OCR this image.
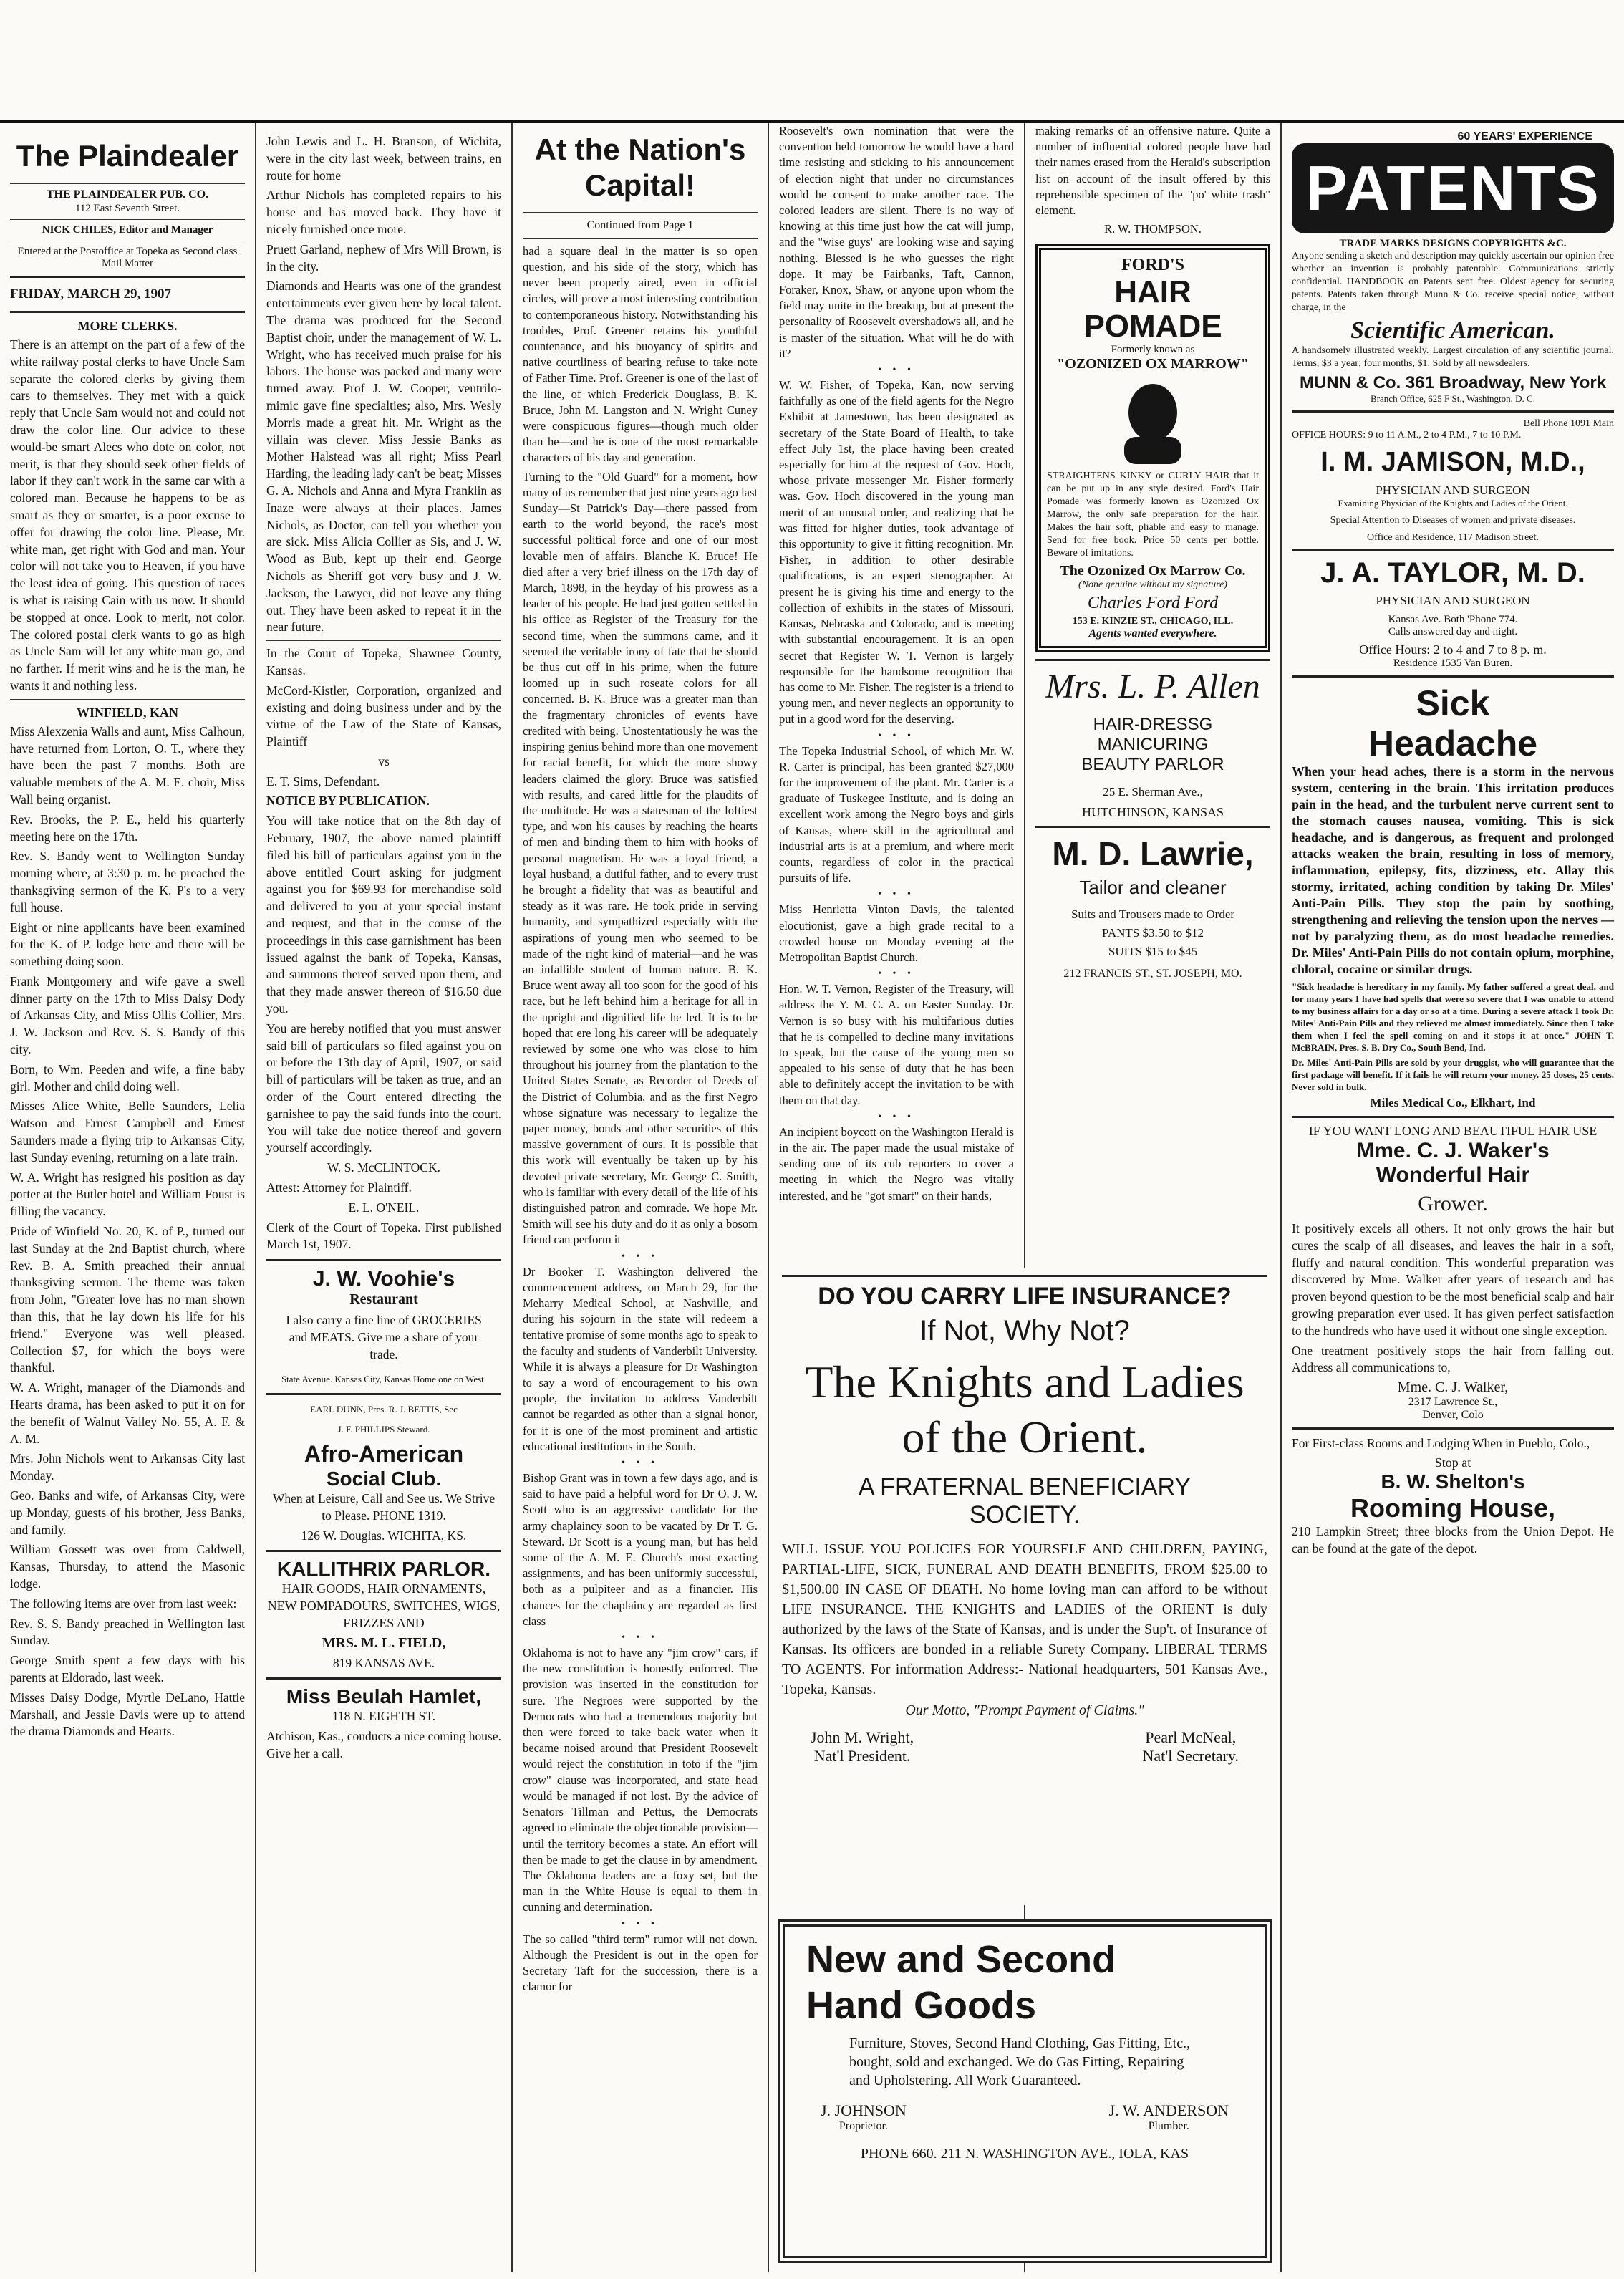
The Plaindealer
THE PLAINDEALER PUB. CO.
112 East Seventh Street.
NICK CHILES, Editor and Manager
Entered at the Postoffice at Topeka as Second class Mail Matter
FRIDAY, MARCH 29, 1907
MORE CLERKS.

There is an attempt on the part of a few of the white railway postal clerks to have Uncle Sam separate the colored clerks by giving them cars to themselves. They met with a quick reply that Uncle Sam would not and could not draw the color line. Our advice to these would-be smart Alecs who dote on color, not merit, is that they should seek other fields of labor if they can't work in the same car with a colored man. Because he happens to be as smart as they or smarter, is a poor excuse to offer for drawing the color line. Please, Mr. white man, get right with God and man. Your color will not take you to Heaven, if you have the least idea of going. This question of races is what is raising Cain with us now. It should be stopped at once. Look to merit, not color. The colored postal clerk wants to go as high as Uncle Sam will let any white man go, and no farther. If merit wins and he is the man, he wants it and nothing less.

WINFIELD, KAN

Miss Alexzenia Walls and aunt, Miss Calhoun, have returned from Lorton, O. T., where they have been the past 7 months. Both are valuable members of the A. M. E. choir, Miss Wall being organist.

Rev. Brooks, the P. E., held his quarterly meeting here on the 17th.

Rev. S. Bandy went to Wellington Sunday morning where, at 3:30 p. m. he preached the thanksgiving sermon of the K. P's to a very full house.

Eight or nine applicants have been examined for the K. of P. lodge here and there will be something doing soon.

Frank Montgomery and wife gave a swell dinner party on the 17th to Miss Daisy Dody of Arkansas City, and Miss Ollis Collier, Mrs. J. W. Jackson and Rev. S. S. Bandy of this city.

Born, to Wm. Peeden and wife, a fine baby girl. Mother and child doing well.

Misses Alice White, Belle Saunders, Lelia Watson and Ernest Campbell and Ernest Saunders made a flying trip to Arkansas City, last Sunday evening, returning on a late train.

W. A. Wright has resigned his position as day porter at the Butler hotel and William Foust is filling the vacancy.

Pride of Winfield No. 20, K. of P., turned out last Sunday at the 2nd Baptist church, where Rev. B. A. Smith preached their annual thanksgiving sermon. The theme was taken from John, "Greater love has no man shown than this, that he lay down his life for his friend." Everyone was well pleased. Collection $7, for which the boys were thankful.

W. A. Wright, manager of the Diamonds and Hearts drama, has been asked to put it on for the benefit of Walnut Valley No. 55, A. F. & A. M.

Mrs. John Nichols went to Arkansas City last Monday.

Geo. Banks and wife, of Arkansas City, were up Monday, guests of his brother, Jess Banks, and family.

William Gossett was over from Caldwell, Kansas, Thursday, to attend the Masonic lodge.

The following items are over from last week:

Rev. S. S. Bandy preached in Wellington last Sunday.

George Smith spent a few days with his parents at Eldorado, last week.

Misses Daisy Dodge, Myrtle DeLano, Hattie Marshall, and Jessie Davis were up to attend the drama Diamonds and Hearts.

John Lewis and L. H. Branson, of Wichita, were in the city last week, between trains, en route for home

Arthur Nichols has completed repairs to his house and has moved back. They have it nicely furnished once more.

Pruett Garland, nephew of Mrs Will Brown, is in the city.

Diamonds and Hearts was one of the grandest entertainments ever given here by local talent. The drama was produced for the Second Baptist choir, under the management of W. L. Wright, who has received much praise for his labors. The house was packed and many were turned away. Prof J. W. Cooper, ventrilo-mimic gave fine specialties; also, Mrs. Wesly Morris made a great hit. Mr. Wright as the villain was clever. Miss Jessie Banks as Mother Halstead was all right; Miss Pearl Harding, the leading lady can't be beat; Misses G. A. Nichols and Anna and Myra Franklin as Inaze were always at their places. James Nichols, as Doctor, can tell you whether you are sick. Miss Alicia Collier as Sis, and J. W. Wood as Bub, kept up their end. George Nichols as Sheriff got very busy and J. W. Jackson, the Lawyer, did not leave any thing out. They have been asked to repeat it in the near future.

In the Court of Topeka, Shawnee County, Kansas.

McCord-Kistler, Corporation, organized and existing and doing business under and by the virtue of the Law of the State of Kansas, Plaintiff

vs

E. T. Sims, Defendant.

NOTICE BY PUBLICATION.

You will take notice that on the 8th day of February, 1907, the above named plaintiff filed his bill of particulars against you in the above entitled Court asking for judgment against you for $69.93 for merchandise sold and delivered to you at your special instant and request, and that in the course of the proceedings in this case garnishment has been issued against the bank of Topeka, Kansas, and summons thereof served upon them, and that they made answer thereon of $16.50 due you.

You are hereby notified that you must answer said bill of particulars so filed against you on or before the 13th day of April, 1907, or said bill of particulars will be taken as true, and an order of the Court entered directing the garnishee to pay the said funds into the court. You will take due notice thereof and govern yourself accordingly.

W. S. McCLINTOCK.

Attest: Attorney for Plaintiff.

E. L. O'NEIL.

Clerk of the Court of Topeka. First published March 1st, 1907.

J. W. Voohie's
Restaurant

I also carry a fine line of GROCERIES and MEATS. Give me a share of your trade.

State Avenue. Kansas City, Kansas Home one on West.

EARL DUNN, Pres. R. J. BETTIS, Sec

J. F. PHILLIPS Steward.

Afro-American
Social Club.

When at Leisure, Call and See us. We Strive to Please. PHONE 1319.

126 W. Douglas. WICHITA, KS.

KALLITHRIX PARLOR.

HAIR GOODS, HAIR ORNAMENTS, NEW POMPADOURS, SWITCHES, WIGS, FRIZZES AND

MRS. M. L. FIELD,

819 KANSAS AVE.

Miss Beulah Hamlet,

118 N. EIGHTH ST.

Atchison, Kas., conducts a nice coming house. Give her a call.

At the Nation's Capital!

Continued from Page 1

had a square deal in the matter is so open question, and his side of the story, which has never been properly aired, even in official circles, will prove a most interesting contribution to contemporaneous history. Notwithstanding his troubles, Prof. Greener retains his youthful countenance, and his buoyancy of spirits and native courtliness of bearing refuse to take note of Father Time. Prof. Greener is one of the last of the line, of which Frederick Douglass, B. K. Bruce, John M. Langston and N. Wright Cuney were conspicuous figures—though much older than he—and he is one of the most remarkable characters of his day and generation.

Turning to the "Old Guard" for a moment, how many of us remember that just nine years ago last Sunday—St Patrick's Day—there passed from earth to the world beyond, the race's most successful political force and one of our most lovable men of affairs. Blanche K. Bruce! He died after a very brief illness on the 17th day of March, 1898, in the heyday of his prowess as a leader of his people. He had just gotten settled in his office as Register of the Treasury for the second time, when the summons came, and it seemed the veritable irony of fate that he should be thus cut off in his prime, when the future loomed up in such roseate colors for all concerned. B. K. Bruce was a greater man than the fragmentary chronicles of events have credited with being. Unostentatiously he was the inspiring genius behind more than one movement for racial benefit, for which the more showy leaders claimed the glory. Bruce was satisfied with results, and cared little for the plaudits of the multitude. He was a statesman of the loftiest type, and won his causes by reaching the hearts of men and binding them to him with hooks of personal magnetism. He was a loyal friend, a loyal husband, a dutiful father, and to every trust he brought a fidelity that was as beautiful and steady as it was rare. He took pride in serving humanity, and sympathized especially with the aspirations of young men who seemed to be made of the right kind of material—and he was an infallible student of human nature. B. K. Bruce went away all too soon for the good of his race, but he left behind him a heritage for all in the upright and dignified life he led. It is to be hoped that ere long his career will be adequately reviewed by some one who was close to him throughout his journey from the plantation to the United States Senate, as Recorder of Deeds of the District of Columbia, and as the first Negro whose signature was necessary to legalize the paper money, bonds and other securities of this massive government of ours. It is possible that this work will eventually be taken up by his devoted private secretary, Mr. George C. Smith, who is familiar with every detail of the life of his distinguished patron and comrade. We hope Mr. Smith will see his duty and do it as only a bosom friend can perform it

• • •

Dr Booker T. Washington delivered the commencement address, on March 29, for the Meharry Medical School, at Nashville, and during his sojourn in the state will redeem a tentative promise of some months ago to speak to the faculty and students of Vanderbilt University. While it is always a pleasure for Dr Washington to say a word of encouragement to his own people, the invitation to address Vanderbilt cannot be regarded as other than a signal honor, for it is one of the most prominent and artistic educational institutions in the South.

• • •

Bishop Grant was in town a few days ago, and is said to have paid a helpful word for Dr O. J. W. Scott who is an aggressive candidate for the army chaplaincy soon to be vacated by Dr T. G. Steward. Dr Scott is a young man, but has held some of the A. M. E. Church's most exacting assignments, and has been uniformly successful, both as a pulpiteer and as a financier. His chances for the chaplaincy are regarded as first class

• • •

Oklahoma is not to have any "jim crow" cars, if the new constitution is honestly enforced. The provision was inserted in the constitution for sure. The Negroes were supported by the Democrats who had a tremendous majority but then were forced to take back water when it became noised around that President Roosevelt would reject the constitution in toto if the "jim crow" clause was incorporated, and state head would be managed if not lost. By the advice of Senators Tillman and Pettus, the Democrats agreed to eliminate the objectionable provision—until the territory becomes a state. An effort will then be made to get the clause in by amendment. The Oklahoma leaders are a foxy set, but the man in the White House is equal to them in cunning and determination.

• • •

The so called "third term" rumor will not down. Although the President is out in the open for Secretary Taft for the succession, there is a clamor for

Roosevelt's own nomination that were the convention held tomorrow he would have a hard time resisting and sticking to his announcement of election night that under no circumstances would he consent to make another race. The colored leaders are silent. There is no way of knowing at this time just how the cat will jump, and the "wise guys" are looking wise and saying nothing. Blessed is he who guesses the right dope. It may be Fairbanks, Taft, Cannon, Foraker, Knox, Shaw, or anyone upon whom the field may unite in the breakup, but at present the personality of Roosevelt overshadows all, and he is master of the situation. What will he do with it?

• • •

W. W. Fisher, of Topeka, Kan, now serving faithfully as one of the field agents for the Negro Exhibit at Jamestown, has been designated as secretary of the State Board of Health, to take effect July 1st, the place having been created especially for him at the request of Gov. Hoch, whose private messenger Mr. Fisher formerly was. Gov. Hoch discovered in the young man merit of an unusual order, and realizing that he was fitted for higher duties, took advantage of this opportunity to give it fitting recognition. Mr. Fisher, in addition to other desirable qualifications, is an expert stenographer. At present he is giving his time and energy to the collection of exhibits in the states of Missouri, Kansas, Nebraska and Colorado, and is meeting with substantial encouragement. It is an open secret that Register W. T. Vernon is largely responsible for the handsome recognition that has come to Mr. Fisher. The register is a friend to young men, and never neglects an opportunity to put in a good word for the deserving.

• • •

The Topeka Industrial School, of which Mr. W. R. Carter is principal, has been granted $27,000 for the improvement of the plant. Mr. Carter is a graduate of Tuskegee Institute, and is doing an excellent work among the Negro boys and girls of Kansas, where skill in the agricultural and industrial arts is at a premium, and where merit counts, regardless of color in the practical pursuits of life.

• • •

Miss Henrietta Vinton Davis, the talented elocutionist, gave a high grade recital to a crowded house on Monday evening at the Metropolitan Baptist Church.

• • •

Hon. W. T. Vernon, Register of the Treasury, will address the Y. M. C. A. on Easter Sunday. Dr. Vernon is so busy with his multifarious duties that he is compelled to decline many invitations to speak, but the cause of the young men so appealed to his sense of duty that he has been able to definitely accept the invitation to be with them on that day.

• • •

An incipient boycott on the Washington Herald is in the air. The paper made the usual mistake of sending one of its cub reporters to cover a meeting in which the Negro was vitally interested, and he "got smart" on their hands,

making remarks of an offensive nature. Quite a number of influential colored people have had their names erased from the Herald's subscription list on account of the insult offered by this reprehensible specimen of the "po' white trash" element.

R. W. THOMPSON.

FORD'S
HAIR POMADE
Formerly known as
"OZONIZED OX MARROW"

STRAIGHTENS KINKY or CURLY HAIR that it can be put up in any style desired. Ford's Hair Pomade was formerly known as Ozonized Ox Marrow, the only safe preparation for the hair. Makes the hair soft, pliable and easy to manage. Send for free book. Price 50 cents per bottle. Beware of imitations.

The Ozonized Ox Marrow Co.
(None genuine without my signature)
Charles Ford Ford
153 E. KINZIE ST., CHICAGO, ILL.
Agents wanted everywhere.
Mrs. L. P. Allen
HAIR-DRESSG
MANICURING
BEAUTY PARLOR
25 E. Sherman Ave.,
HUTCHINSON, KANSAS
M. D. Lawrie,
Tailor and cleaner
Suits and Trousers made to Order
PANTS $3.50 to $12
SUITS $15 to $45
212 FRANCIS ST., ST. JOSEPH, MO.
DO YOU CARRY LIFE INSURANCE?
If Not, Why Not?
The Knights and Ladies
of the Orient.
A FRATERNAL BENEFICIARY
SOCIETY.

WILL ISSUE YOU POLICIES FOR YOURSELF AND CHILDREN, PAYING, PARTIAL-LIFE, SICK, FUNERAL AND DEATH BENEFITS, FROM $25.00 to $1,500.00 IN CASE OF DEATH. No home loving man can afford to be without LIFE INSURANCE. THE KNIGHTS and LADIES of the ORIENT is duly authorized by the laws of the State of Kansas, and is under the Sup't. of Insurance of Kansas. Its officers are bonded in a reliable Surety Company. LIBERAL TERMS TO AGENTS. For information Address:- National headquarters, 501 Kansas Ave., Topeka, Kansas.

Our Motto, "Prompt Payment of Claims."

John M. Wright,
Nat'l President.
Pearl McNeal,
Nat'l Secretary.
New and Second
Hand Goods

Furniture, Stoves, Second Hand Clothing, Gas Fitting, Etc., bought, sold and exchanged. We do Gas Fitting, Repairing and Upholstering. All Work Guaranteed.

J. JOHNSON
Proprietor.
J. W. ANDERSON
Plumber.
PHONE 660. 211 N. WASHINGTON AVE., IOLA, KAS
60 YEARS' EXPERIENCE
PATENTS
TRADE MARKS DESIGNS COPYRIGHTS &C.

Anyone sending a sketch and description may quickly ascertain our opinion free whether an invention is probably patentable. Communications strictly confidential. HANDBOOK on Patents sent free. Oldest agency for securing patents. Patents taken through Munn & Co. receive special notice, without charge, in the

Scientific American.

A handsomely illustrated weekly. Largest circulation of any scientific journal. Terms, $3 a year; four months, $1. Sold by all newsdealers.

MUNN & Co. 361 Broadway, New York
Branch Office, 625 F St., Washington, D. C.
Bell Phone 1091 Main
OFFICE HOURS: 9 to 11 A.M., 2 to 4 P.M., 7 to 10 P.M.
I. M. JAMISON, M.D.,
PHYSICIAN AND SURGEON
Examining Physician of the Knights and Ladies of the Orient.
Special Attention to Diseases of women and private diseases.
Office and Residence, 117 Madison Street.
J. A. TAYLOR, M. D.
PHYSICIAN AND SURGEON
Kansas Ave. Both 'Phone 774.
Calls answered day and night.
Office Hours: 2 to 4 and 7 to 8 p. m.
Residence 1535 Van Buren.
Sick
Headache

When your head aches, there is a storm in the nervous system, centering in the brain. This irritation produces pain in the head, and the turbulent nerve current sent to the stomach causes nausea, vomiting. This is sick headache, and is dangerous, as frequent and prolonged attacks weaken the brain, resulting in loss of memory, inflammation, epilepsy, fits, dizziness, etc. Allay this stormy, irritated, aching condition by taking Dr. Miles' Anti-Pain Pills. They stop the pain by soothing, strengthening and relieving the tension upon the nerves —not by paralyzing them, as do most headache remedies. Dr. Miles' Anti-Pain Pills do not contain opium, morphine, chloral, cocaine or similar drugs.

"Sick headache is hereditary in my family. My father suffered a great deal, and for many years I have had spells that were so severe that I was unable to attend to my business affairs for a day or so at a time. During a severe attack I took Dr. Miles' Anti-Pain Pills and they relieved me almost immediately. Since then I take them when I feel the spell coming on and it stops it at once." JOHN T. McBRAIN, Pres. S. B. Dry Co., South Bend, Ind.

Dr. Miles' Anti-Pain Pills are sold by your druggist, who will guarantee that the first package will benefit. If it fails he will return your money. 25 doses, 25 cents. Never sold in bulk.

Miles Medical Co., Elkhart, Ind
IF YOU WANT LONG AND BEAUTIFUL HAIR USE
Mme. C. J. Waker's
Wonderful Hair
Grower.

It positively excels all others. It not only grows the hair but cures the scalp of all diseases, and leaves the hair in a soft, fluffy and natural condition. This wonderful preparation was discovered by Mme. Walker after years of research and has proven beyond question to be the most beneficial scalp and hair growing preparation ever used. It has given perfect satisfaction to the hundreds who have used it without one single exception.

One treatment positively stops the hair from falling out. Address all communications to,

Mme. C. J. Walker,
2317 Lawrence St.,
Denver, Colo

For First-class Rooms and Lodging When in Pueblo, Colo.,

Stop at
B. W. Shelton's
Rooming House,

210 Lampkin Street; three blocks from the Union Depot. He can be found at the gate of the depot.
